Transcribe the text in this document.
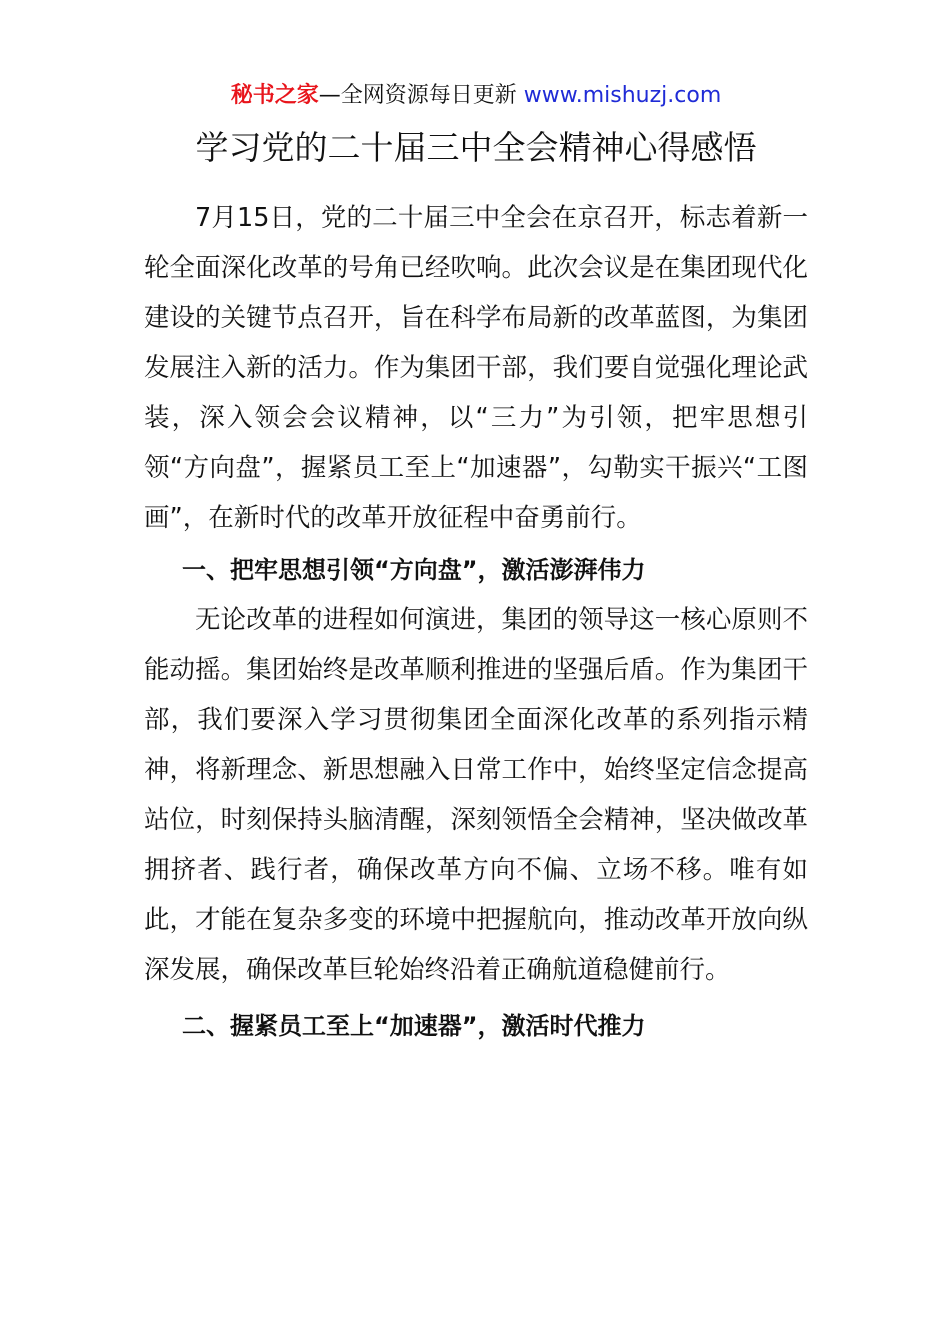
秘书之家—全网资源每日更新 www.mishuzj.com
学习党的二十届三中全会精神心得感悟

7月15日，党的二十届三中全会在京召开，标志着新一轮全面深化改革的号角已经吹响。此次会议是在集团现代化建设的关键节点召开，旨在科学布局新的改革蓝图，为集团发展注入新的活力。作为集团干部，我们要自觉强化理论武装，深入领会会议精神，以“三力”为引领，把牢思想引领“方向盘”，握紧员工至上“加速器”，勾勒实干振兴“工图画”，在新时代的改革开放征程中奋勇前行。

一、把牢思想引领“方向盘”，激活澎湃伟力

无论改革的进程如何演进，集团的领导这一核心原则不能动摇。集团始终是改革顺利推进的坚强后盾。作为集团干部，我们要深入学习贯彻集团全面深化改革的系列指示精神，将新理念、新思想融入日常工作中，始终坚定信念提高站位，时刻保持头脑清醒，深刻领悟全会精神，坚决做改革拥挤者、践行者，确保改革方向不偏、立场不移。唯有如此，才能在复杂多变的环境中把握航向，推动改革开放向纵深发展，确保改革巨轮始终沿着正确航道稳健前行。

二、握紧员工至上“加速器”，激活时代推力
